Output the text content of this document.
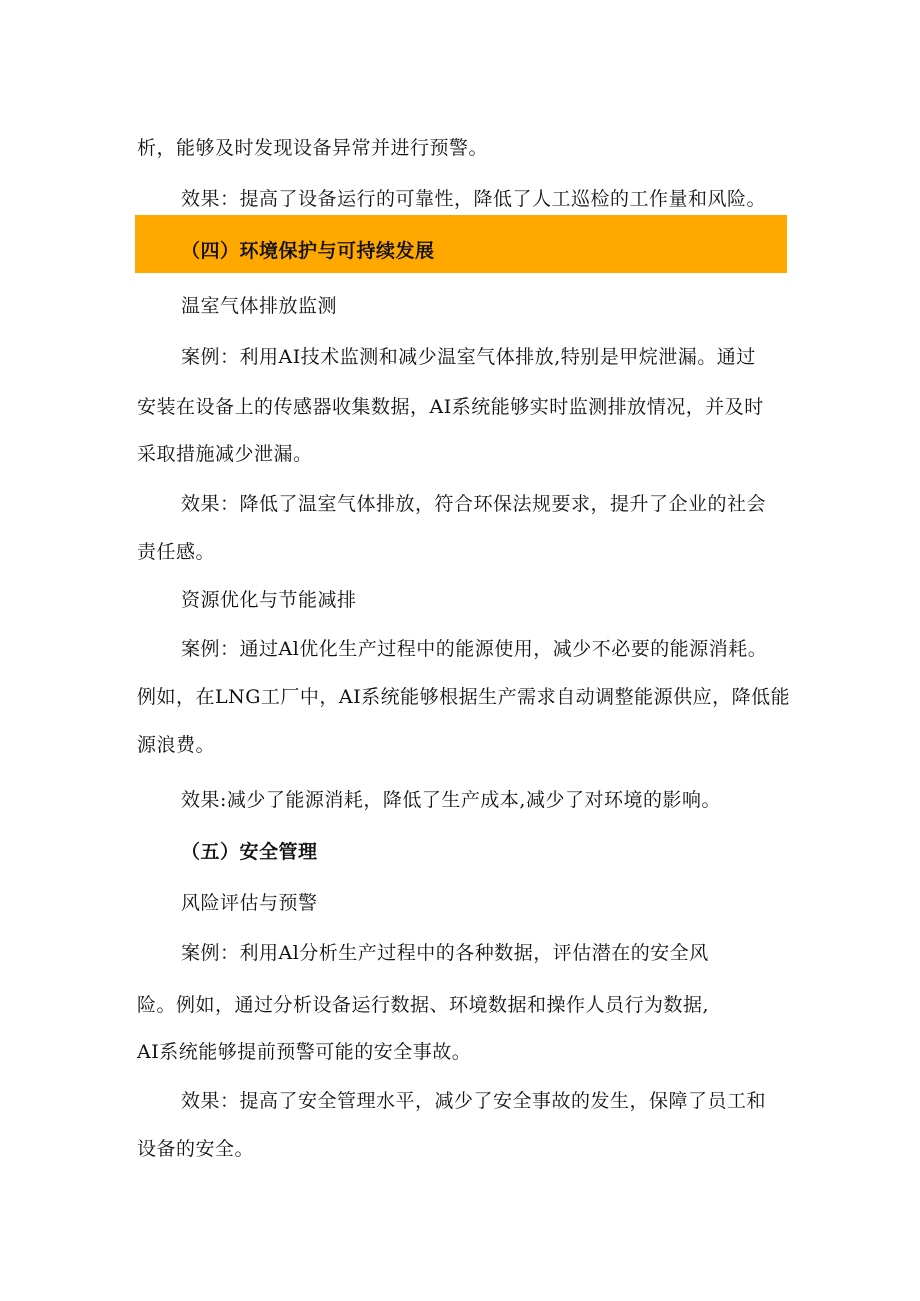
析，能够及时发现设备异常并进行预警。
效果：提高了设备运行的可靠性，降低了人工巡检的工作量和风险。
（四）环境保护与可持续发展
温室气体排放监测
案例：利用AI技术监测和减少温室气体排放,特别是甲烷泄漏。通过
安装在设备上的传感器收集数据，AI系统能够实时监测排放情况，并及时
采取措施减少泄漏。
效果：降低了温室气体排放，符合环保法规要求，提升了企业的社会
责任感。
资源优化与节能减排
案例：通过Al优化生产过程中的能源使用，减少不必要的能源消耗。
例如，在LNG工厂中，AI系统能够根据生产需求自动调整能源供应，降低能
源浪费。
效果:减少了能源消耗，降低了生产成本,减少了对环境的影响。
（五）安全管理
风险评估与预警
案例：利用Al分析生产过程中的各种数据，评估潜在的安全风
险。例如，通过分析设备运行数据、环境数据和操作人员行为数据,
AI系统能够提前预警可能的安全事故。
效果：提高了安全管理水平，减少了安全事故的发生，保障了员工和
设备的安全。
